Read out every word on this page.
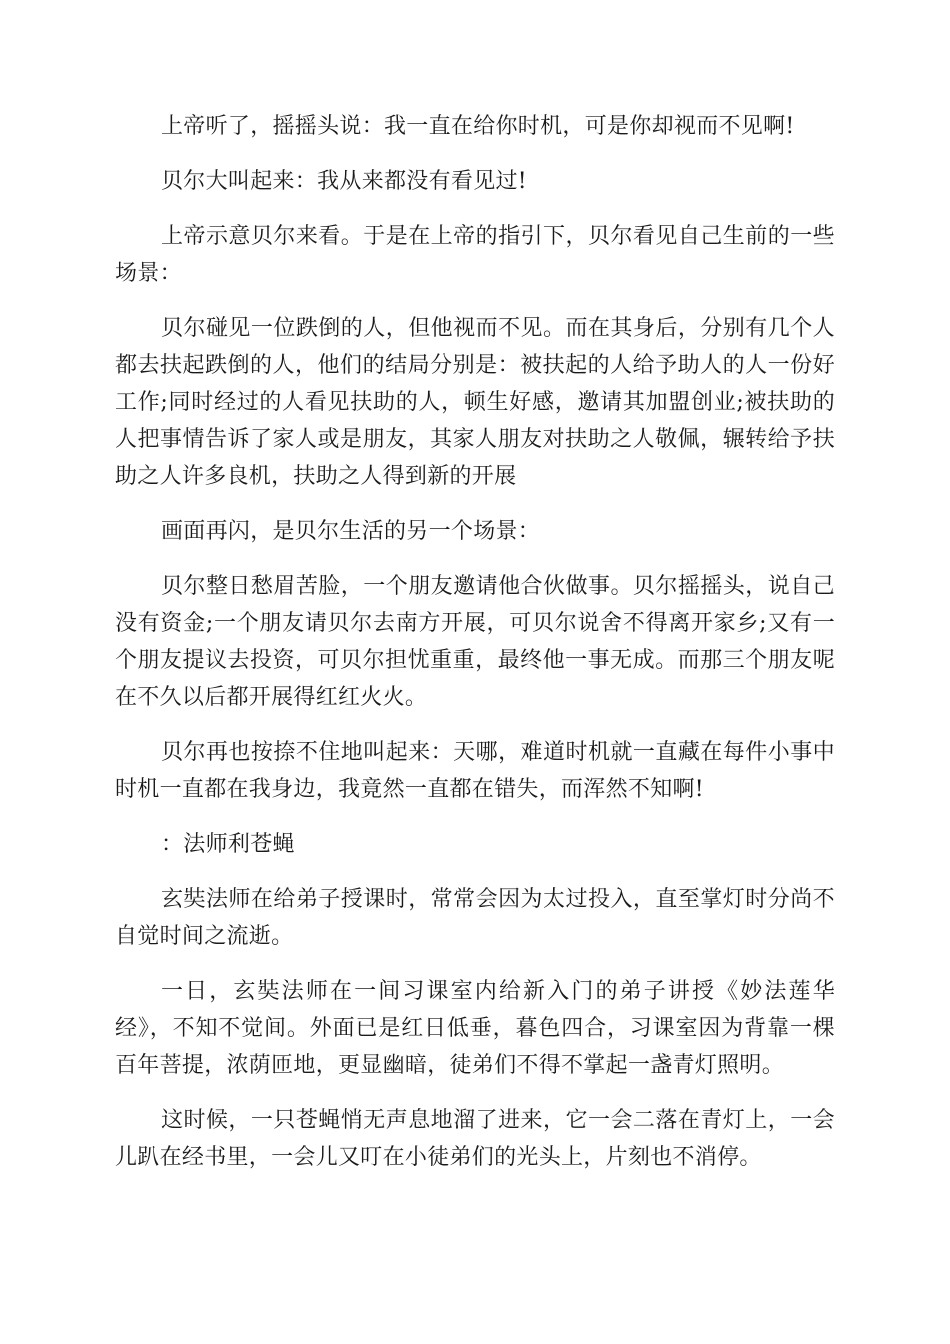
上帝听了，摇摇头说：我一直在给你时机，可是你却视而不见啊!

贝尔大叫起来：我从来都没有看见过!

上帝示意贝尔来看。于是在上帝的指引下，贝尔看见自己生前的一些场景：

贝尔碰见一位跌倒的人，但他视而不见。而在其身后，分别有几个人都去扶起跌倒的人，他们的结局分别是：被扶起的人给予助人的人一份好工作;同时经过的人看见扶助的人，顿生好感，邀请其加盟创业;被扶助的人把事情告诉了家人或是朋友，其家人朋友对扶助之人敬佩，辗转给予扶助之人许多良机，扶助之人得到新的开展

画面再闪，是贝尔生活的另一个场景：

贝尔整日愁眉苦脸，一个朋友邀请他合伙做事。贝尔摇摇头，说自己没有资金;一个朋友请贝尔去南方开展，可贝尔说舍不得离开家乡;又有一个朋友提议去投资，可贝尔担忧重重，最终他一事无成。而那三个朋友呢在不久以后都开展得红红火火。

贝尔再也按捺不住地叫起来：天哪，难道时机就一直藏在每件小事中时机一直都在我身边，我竟然一直都在错失，而浑然不知啊!

：法师利苍蝇

玄奘法师在给弟子授课时，常常会因为太过投入，直至掌灯时分尚不自觉时间之流逝。

一日，玄奘法师在一间习课室内给新入门的弟子讲授《妙法莲华经》，不知不觉间。外面已是红日低垂，暮色四合，习课室因为背靠一棵百年菩提，浓荫匝地，更显幽暗，徒弟们不得不掌起一盏青灯照明。

这时候，一只苍蝇悄无声息地溜了进来，它一会二落在青灯上，一会儿趴在经书里，一会儿又叮在小徒弟们的光头上，片刻也不消停。
